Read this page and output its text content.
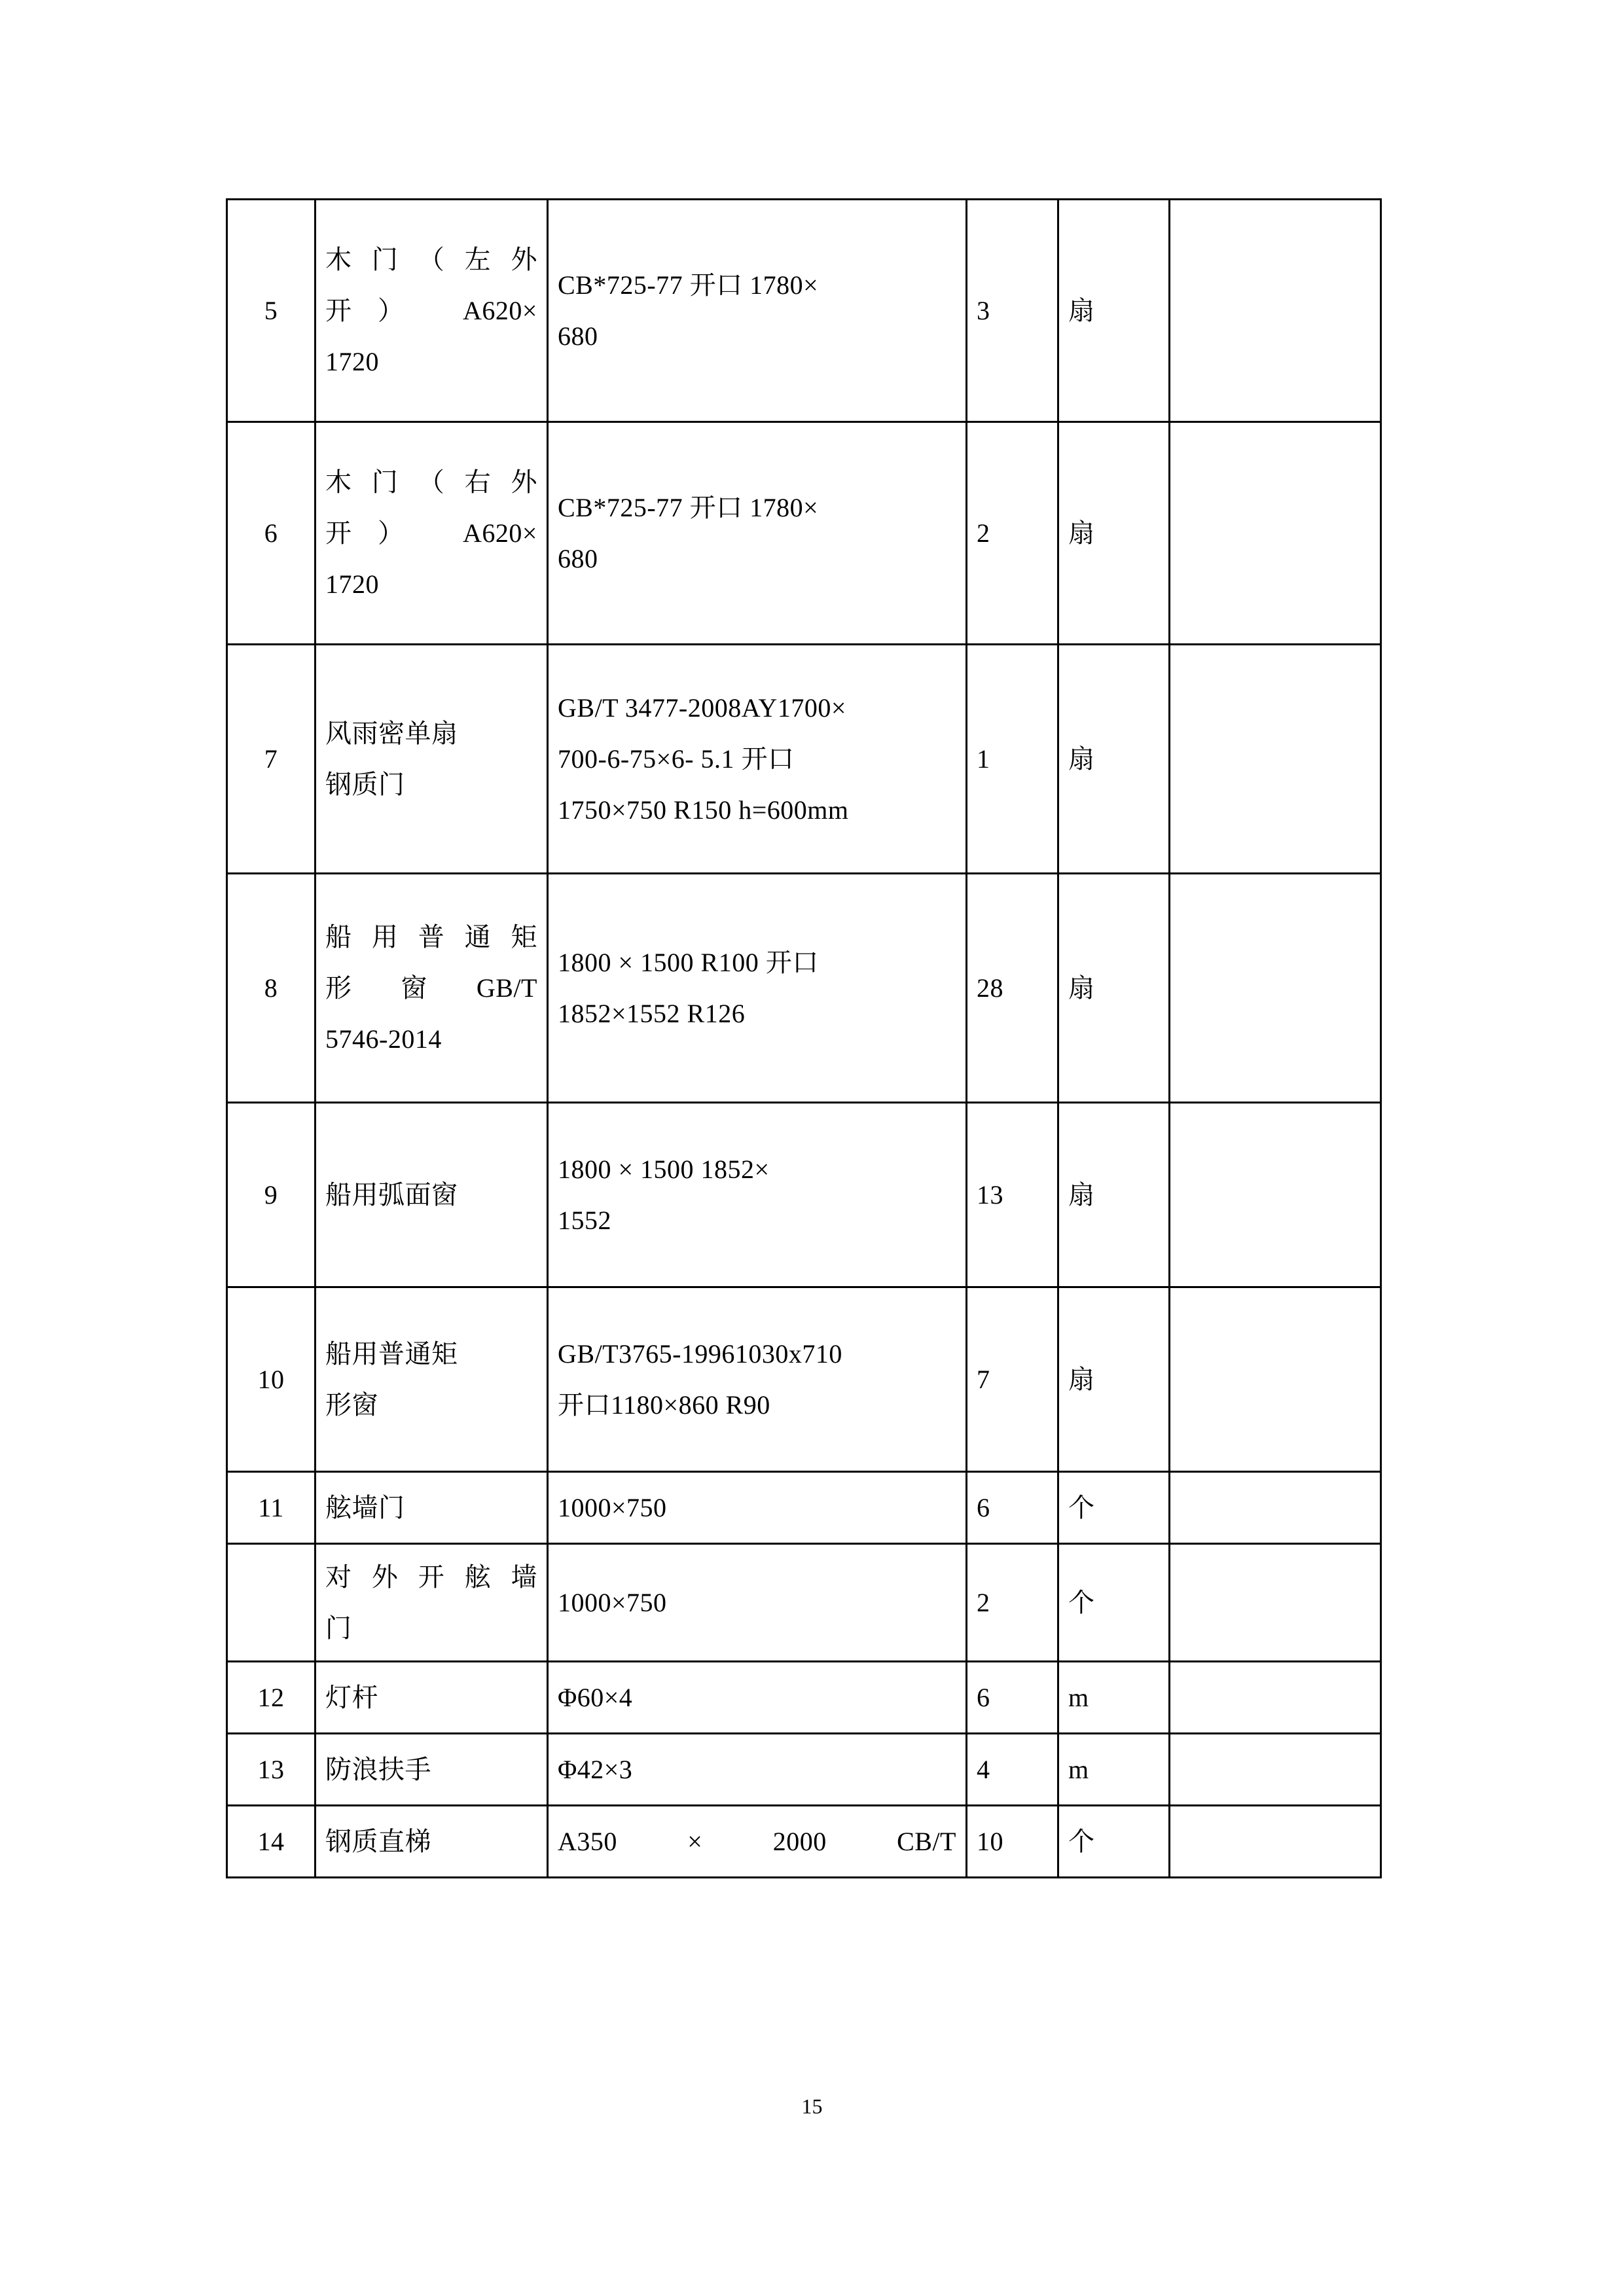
5	木门（左外
开） A620×
1720	CB*725-77 开口 1780×
680	3	扇	
6	木门（右外
开） A620×
1720	CB*725-77 开口 1780×
680	2	扇	
7	风雨密单扇
钢质门	GB/T 3477-2008AY1700×
700-6-75×6- 5.1 开口
1750×750 R150 h=600mm	1	扇	
8	船用普通矩
形 窗 GB/T
5746-2014	1800 × 1500 R100 开口
1852×1552 R126	28	扇	
9	船用弧面窗	1800 × 1500 1852×
1552	13	扇	
10	船用普通矩
形窗	GB/T3765-19961030x710
开口1180×860 R90	7	扇	
11	舷墙门	1000×750	6	个	

	对外开舷墙
门	1000×750	2	个	
12	灯杆	Φ60×4	6	m	
13	防浪扶手	Φ42×3	4	m	
14	钢质直梯	A350 × 2000 CB/T	10	个	
15
